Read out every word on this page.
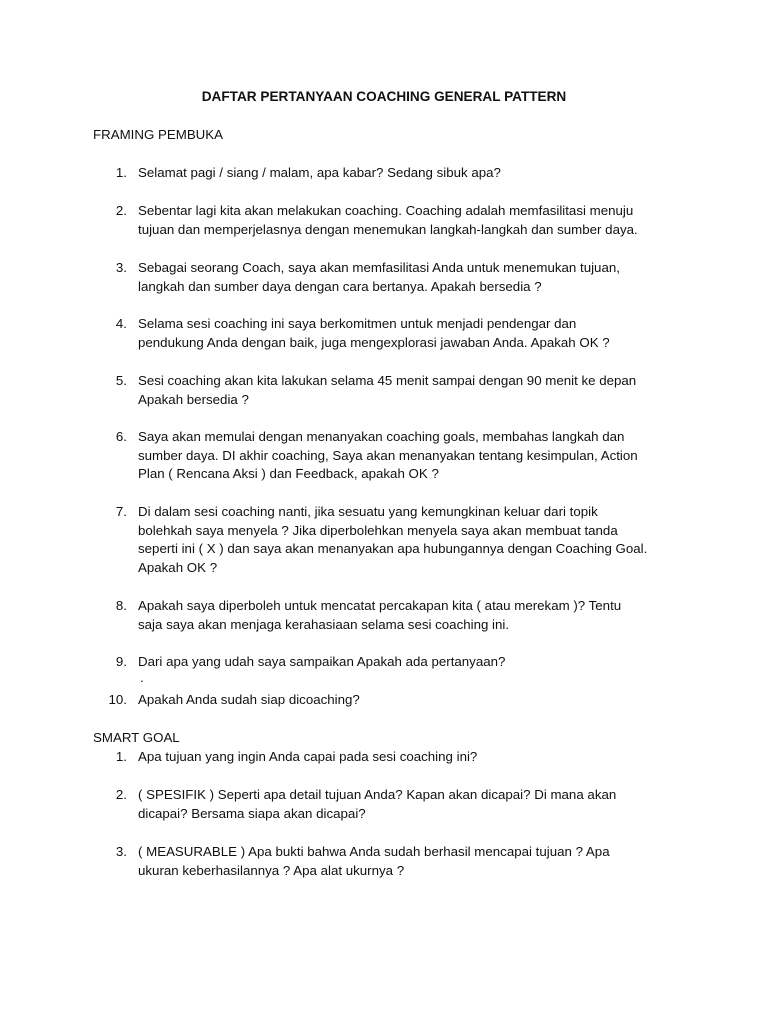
DAFTAR PERTANYAAN COACHING GENERAL PATTERN
FRAMING PEMBUKA
1. Selamat pagi / siang / malam, apa kabar? Sedang sibuk apa?
2. Sebentar lagi kita akan melakukan coaching. Coaching adalah memfasilitasi menuju
tujuan dan memperjelasnya dengan menemukan langkah-langkah dan sumber daya.
3. Sebagai seorang Coach, saya akan memfasilitasi Anda untuk menemukan tujuan,
langkah dan sumber daya dengan cara bertanya. Apakah bersedia ?
4. Selama sesi coaching ini saya berkomitmen untuk menjadi pendengar dan
pendukung Anda dengan baik, juga mengexplorasi jawaban Anda. Apakah OK ?
5. Sesi coaching akan kita lakukan selama 45 menit sampai dengan 90 menit ke depan
Apakah bersedia ?
6. Saya akan memulai dengan menanyakan coaching goals, membahas langkah dan
sumber daya. DI akhir coaching, Saya akan menanyakan tentang kesimpulan, Action
Plan ( Rencana Aksi ) dan Feedback, apakah OK ?
7. Di dalam sesi coaching nanti, jika sesuatu yang kemungkinan keluar dari topik
bolehkah saya menyela ? Jika diperbolehkan menyela saya akan membuat tanda
seperti ini ( X ) dan saya akan menanyakan apa hubungannya dengan Coaching Goal.
Apakah OK ?
8. Apakah saya diperboleh untuk mencatat percakapan kita ( atau merekam )? Tentu
saja saya akan menjaga kerahasiaan selama sesi coaching ini.
9. Dari apa yang udah saya sampaikan Apakah ada pertanyaan?
.
10. Apakah Anda sudah siap dicoaching?
SMART GOAL
1. Apa tujuan yang ingin Anda capai pada sesi coaching ini?
2. ( SPESIFIK ) Seperti apa detail tujuan Anda? Kapan akan dicapai? Di mana akan
dicapai? Bersama siapa akan dicapai?
3. ( MEASURABLE ) Apa bukti bahwa Anda sudah berhasil mencapai tujuan ? Apa
ukuran keberhasilannya ? Apa alat ukurnya ?
